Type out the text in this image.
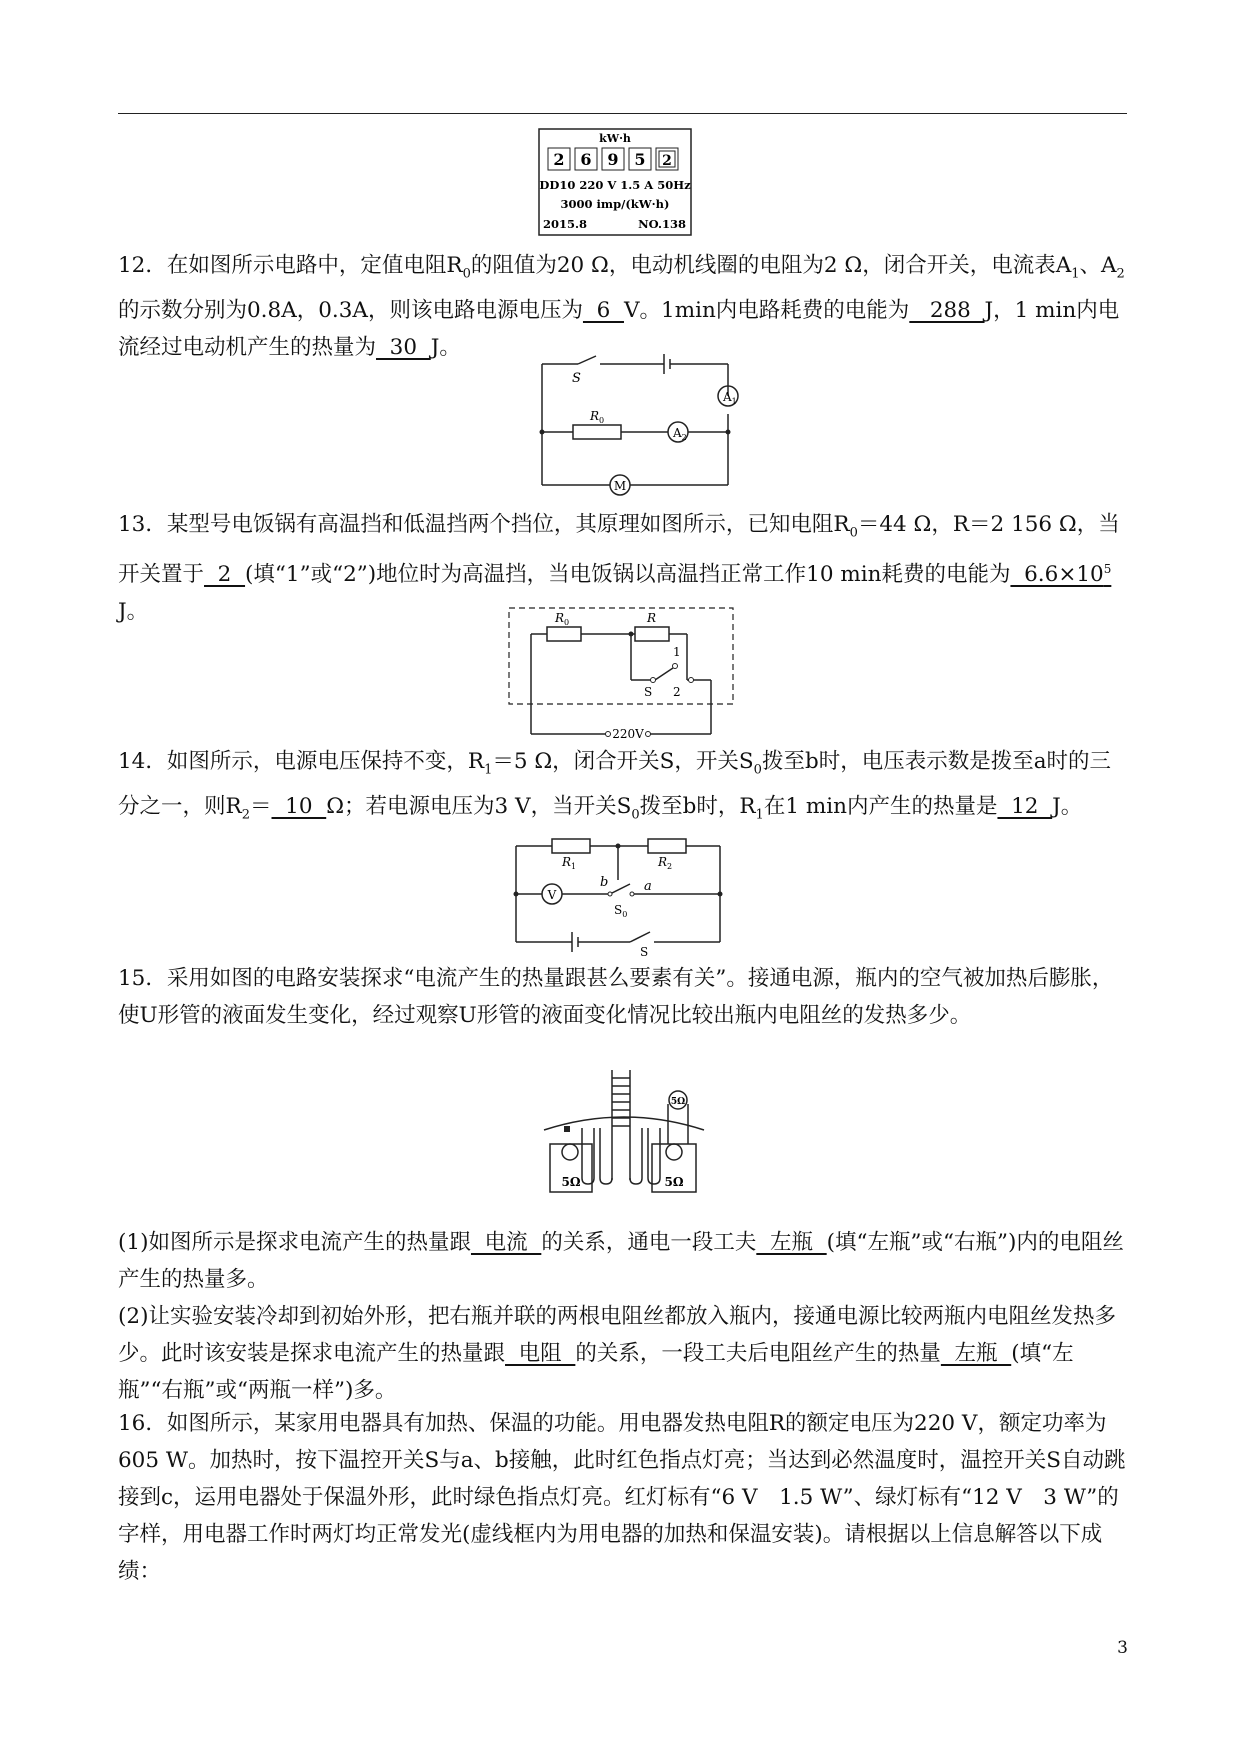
kW·h
2 6 9 5 2
DD10 220 V 1.5 A 50Hz
3000 imp/(kW·h)
2015.8	NO.138

12．在如图所示电路中，定值电阻$R_0$的阻值为20 Ω，电动机线圈的电阻为2 Ω，闭合开关，电流表$A_1$、$A_2$的示数分别为0.8A，0.3A，则该电路电源电压为  6  V。1min内电路耗费的电能为   288  J，1 min内电流经过电动机产生的热量为  30  J。

S
$A_1$
$A_2$
$R_0$
M

13．某型号电饭锅有高温挡和低温挡两个挡位，其原理如图所示，已知电阻$R_0=44$ Ω，R＝2 156 Ω，当开关置于  2  (填“1”或“2”)地位时为高温挡，当电饭锅以高温挡正常工作10 min耗费的电能为  $6.6\times 10^5$ J。	$R_0$	R
1
2
S
220V

14．如图所示，电源电压保持不变，$R_1=5$ Ω，闭合开关S，开关$S_0$拨至b时，电压表示数是拨至a时的三分之一，则$R_2= 10$  Ω；若电源电压为3 V，当开关$S_0$拨至b时，$R_1$在1 min内产生的热量是  12  J。

$R_1$	$R_2$
V
b	a
$S_0$
S

15．采用如图的电路安装探求“电流产生的热量跟甚么要素有关”。接通电源，瓶内的空气被加热后膨胀，使U形管的液面发生变化，经过观察U形管的液面变化情况比较出瓶内电阻丝的发热多少。

5Ω	5Ω
5Ω

(1)如图所示是探求电流产生的热量跟  电流  的关系，通电一段工夫  左瓶  (填“左瓶”或“右瓶”)内的电阻丝产生的热量多。

(2)让实验安装冷却到初始外形，把右瓶并联的两根电阻丝都放入瓶内，接通电源比较两瓶内电阻丝发热多少。此时该安装是探求电流产生的热量跟  电阻  的关系，一段工夫后电阻丝产生的热量  左瓶  (填“左瓶”“右瓶”或“两瓶一样”)多。

16．如图所示，某家用电器具有加热、保温的功能。用电器发热电阻R的额定电压为220 V，额定功率为605 W。加热时，按下温控开关S与a、b接触，此时红色指点灯亮；当达到必然温度时，温控开关S自动跳接到c，运用电器处于保温外形，此时绿色指点灯亮。红灯标有“6 V　1.5 W”、绿灯标有“12 V　3 W”的字样，用电器工作时两灯均正常发光(虚线框内为用电器的加热和保温安装)。请根据以上信息解答以下成绩：

3
